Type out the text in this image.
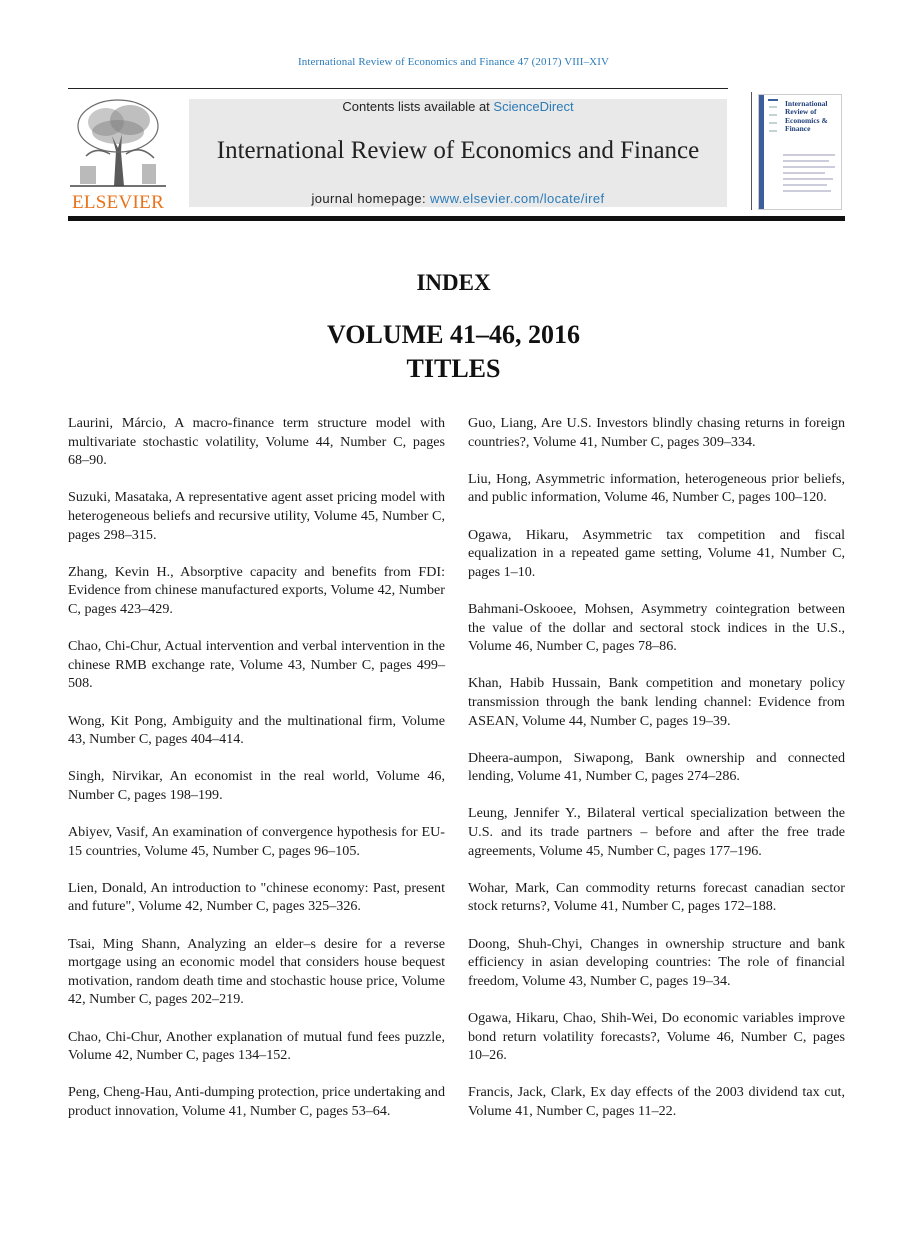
International Review of Economics and Finance 47 (2017) VIII–XIV
ELSEVIER
Contents lists available at ScienceDirect
International Review of Economics and Finance
journal homepage: www.elsevier.com/locate/iref
International Review of Economics & Finance
INDEX
VOLUME 41–46, 2016
TITLES

Laurini, Márcio, A macro-finance term structure model with multivariate stochastic volatility, Volume 44, Number C, pages 68–90.

Suzuki, Masataka, A representative agent asset pricing model with heterogeneous beliefs and recursive utility, Volume 45, Number C, pages 298–315.

Zhang, Kevin H., Absorptive capacity and benefits from FDI: Evidence from chinese manufactured exports, Volume 42, Number C, pages 423–429.

Chao, Chi-Chur, Actual intervention and verbal intervention in the chinese RMB exchange rate, Volume 43, Number C, pages 499–508.

Wong, Kit Pong, Ambiguity and the multinational firm, Volume 43, Number C, pages 404–414.

Singh, Nirvikar, An economist in the real world, Volume 46, Number C, pages 198–199.

Abiyev, Vasif, An examination of convergence hypothesis for EU-15 countries, Volume 45, Number C, pages 96–105.

Lien, Donald, An introduction to "chinese economy: Past, present and future", Volume 42, Number C, pages 325–326.

Tsai, Ming Shann, Analyzing an elder–s desire for a reverse mortgage using an economic model that considers house bequest motivation, random death time and stochastic house price, Volume 42, Number C, pages 202–219.

Chao, Chi-Chur, Another explanation of mutual fund fees puzzle, Volume 42, Number C, pages 134–152.

Peng, Cheng-Hau, Anti-dumping protection, price undertaking and product innovation, Volume 41, Number C, pages 53–64.

Guo, Liang, Are U.S. Investors blindly chasing returns in foreign countries?, Volume 41, Number C, pages 309–334.

Liu, Hong, Asymmetric information, heterogeneous prior beliefs, and public information, Volume 46, Number C, pages 100–120.

Ogawa, Hikaru, Asymmetric tax competition and fiscal equalization in a repeated game setting, Volume 41, Number C, pages 1–10.

Bahmani-Oskooee, Mohsen, Asymmetry cointegration between the value of the dollar and sectoral stock indices in the U.S., Volume 46, Number C, pages 78–86.

Khan, Habib Hussain, Bank competition and monetary policy transmission through the bank lending channel: Evidence from ASEAN, Volume 44, Number C, pages 19–39.

Dheera-aumpon, Siwapong, Bank ownership and connected lending, Volume 41, Number C, pages 274–286.

Leung, Jennifer Y., Bilateral vertical specialization between the U.S. and its trade partners – before and after the free trade agreements, Volume 45, Number C, pages 177–196.

Wohar, Mark, Can commodity returns forecast canadian sector stock returns?, Volume 41, Number C, pages 172–188.

Doong, Shuh-Chyi, Changes in ownership structure and bank efficiency in asian developing countries: The role of financial freedom, Volume 43, Number C, pages 19–34.

Ogawa, Hikaru, Chao, Shih-Wei, Do economic variables improve bond return volatility forecasts?, Volume 46, Number C, pages 10–26.

Francis, Jack, Clark, Ex day effects of the 2003 dividend tax cut, Volume 41, Number C, pages 11–22.
